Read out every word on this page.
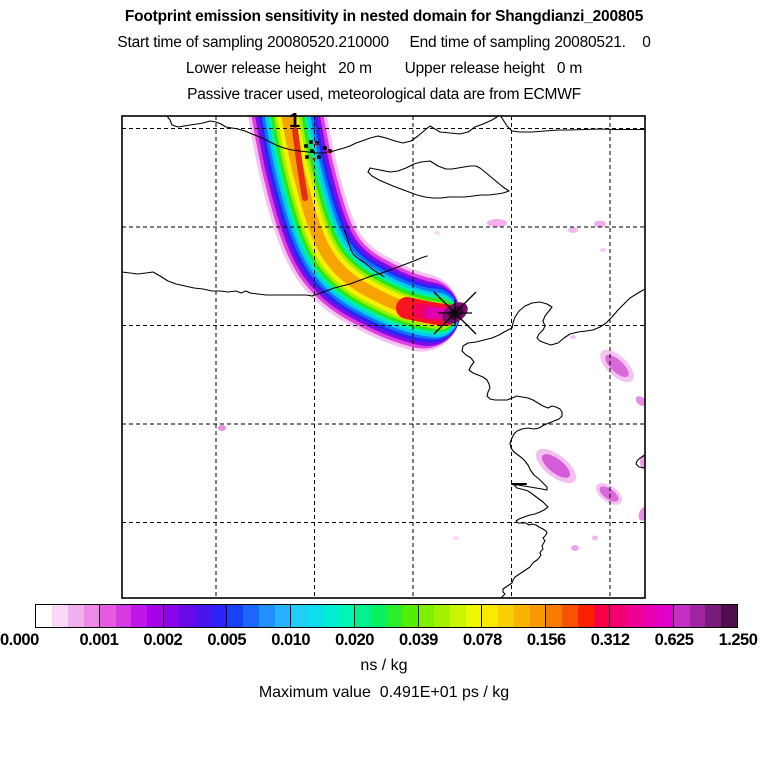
Footprint emission sensitivity in nested domain for Shangdianzi_200805
Start time of sampling 20080520.210000     End time of sampling 20080521.    0
Lower release height   20 m        Upper release height   0 m
Passive tracer used, meteorological data are from ECMWF
1
0.000 0.001 0.002 0.005 0.010 0.020 0.039 0.078 0.156 0.312 0.625 1.250
ns / kg
Maximum value  0.491E+01 ps / kg
